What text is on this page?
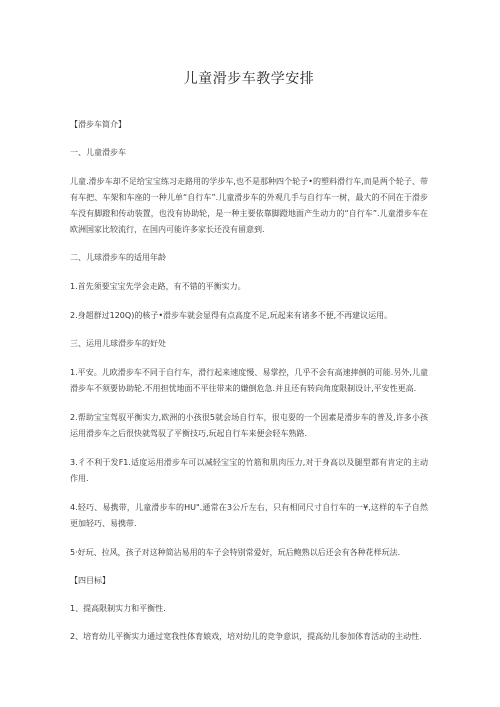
儿童滑步车教学安排

【滑步车简介】

一、儿童滑步车

儿童.滑步车却不足给宝宝练习走路用的学步车,也不是那种四个轮子•的塑料滑行车,而是两个轮子、带有车把、车架和车座的一种儿单“自行车”.儿童滑步车的外观几手与自行车一树，最大的不同在于滑步车没有脚蹬和传动装置，也没有协助轮，是一种主要依靠脚蹬地面产生动力的“自行车”.儿童滑步车在欧洲国家比较流行，在国内可能许多家长还没有留意到.

二、儿球滑步车的适用年龄

1.首先须要宝宝先学会走路，有不错的平衡实力。

2.身超群过120Q)的核子•滑步车就会显得有点高度不足,玩起来有诸多不便,不再建议运用。

三、运用儿球滑步车的好处

1.平安。儿欧滑步车不同于自行车，滑行起来速度慢、易掌控，几乎不会有高速摔倒的可能.另外,儿童滑步车不须要协助轮.不用担忧地面不平往带来的嫌倒危急.并且还有转向角度限制设计,平安性更高.

2.帮助宝宝驾驭平衡实力,欧洲的小孩很5就会场自行车，很屯耍的一个因素是滑步车的普及,许多小孩运用滑步车之后很快就驾驭了平衡技巧,玩起自行车来便会轻车熟路.

3.彳不利于发F1.适度运用滑步车可以减轻宝宝的竹筋和肌肉压力,对于身高以及腿型都有肯定的主动作用.

4.轻巧、易携带，儿童滑步车的HU".通常在3公斤左右，只有相同尺寸自行车的一¥,这样的车子自然更加轻巧、易携带.

5·好玩、拉风，孩子对这种简沾易用的车子会特别常爱好，玩后鲍熟以后还会有各种花样玩法.

【四目标】

1、提高限制实力和平衡性.

2、培育幼儿平衡实力通过宽我性体育娘戏，培对幼儿的竞争意识，提高幼儿参加体育活动的主动性.
